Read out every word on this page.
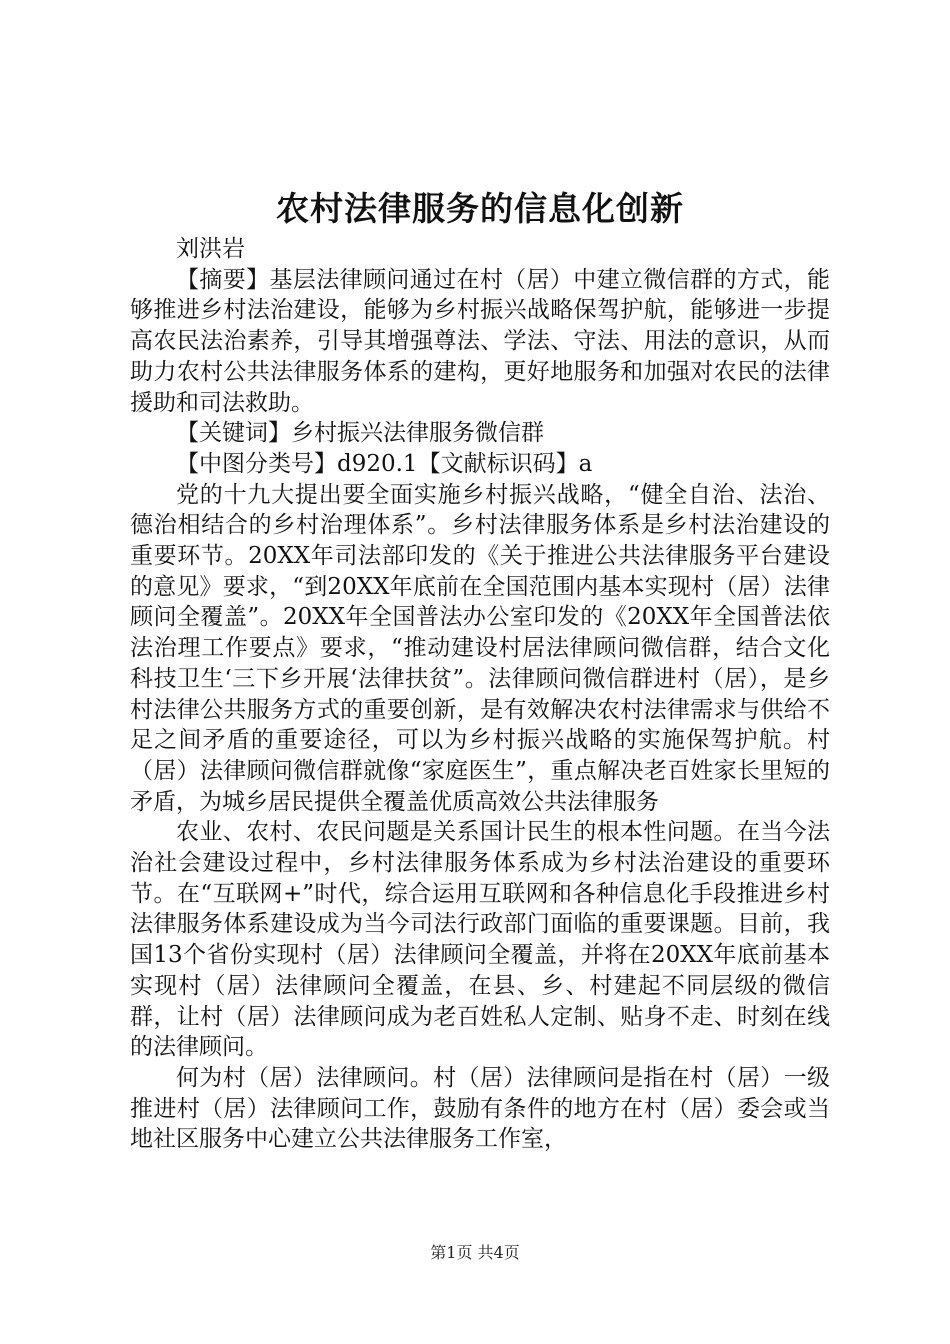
农村法律服务的信息化创新

刘洪岩

【摘要】基层法律顾问通过在村（居）中建立微信群的方式，能够推进乡村法治建设，能够为乡村振兴战略保驾护航，能够进一步提高农民法治素养，引导其增强尊法、学法、守法、用法的意识，从而助力农村公共法律服务体系的建构，更好地服务和加强对农民的法律援助和司法救助。

【关键词】乡村振兴法律服务微信群

【中图分类号】d920.1【文献标识码】a

党的十九大提出要全面实施乡村振兴战略，“健全自治、法治、德治相结合的乡村治理体系”。乡村法律服务体系是乡村法治建设的重要环节。20XX年司法部印发的《关于推进公共法律服务平台建设的意见》要求，“到20XX年底前在全国范围内基本实现村（居）法律顾问全覆盖”。20XX年全国普法办公室印发的《20XX年全国普法依法治理工作要点》要求，“推动建设村居法律顾问微信群，结合文化科技卫生‘三下乡开展‘法律扶贫”。法律顾问微信群进村（居），是乡村法律公共服务方式的重要创新，是有效解决农村法律需求与供给不足之间矛盾的重要途径，可以为乡村振兴战略的实施保驾护航。村（居）法律顾问微信群就像“家庭医生”，重点解决老百姓家长里短的矛盾，为城乡居民提供全覆盖优质高效公共法律服务

农业、农村、农民问题是关系国计民生的根本性问题。在当今法治社会建设过程中，乡村法律服务体系成为乡村法治建设的重要环节。在“互联网+”时代，综合运用互联网和各种信息化手段推进乡村法律服务体系建设成为当今司法行政部门面临的重要课题。目前，我国13个省份实现村（居）法律顾问全覆盖，并将在20XX年底前基本实现村（居）法律顾问全覆盖，在县、乡、村建起不同层级的微信群，让村（居）法律顾问成为老百姓私人定制、贴身不走、时刻在线的法律顾问。

何为村（居）法律顾问。村（居）法律顾问是指在村（居）一级推进村（居）法律顾问工作，鼓励有条件的地方在村（居）委会或当地社区服务中心建立公共法律服务工作室，

第1页 共4页
